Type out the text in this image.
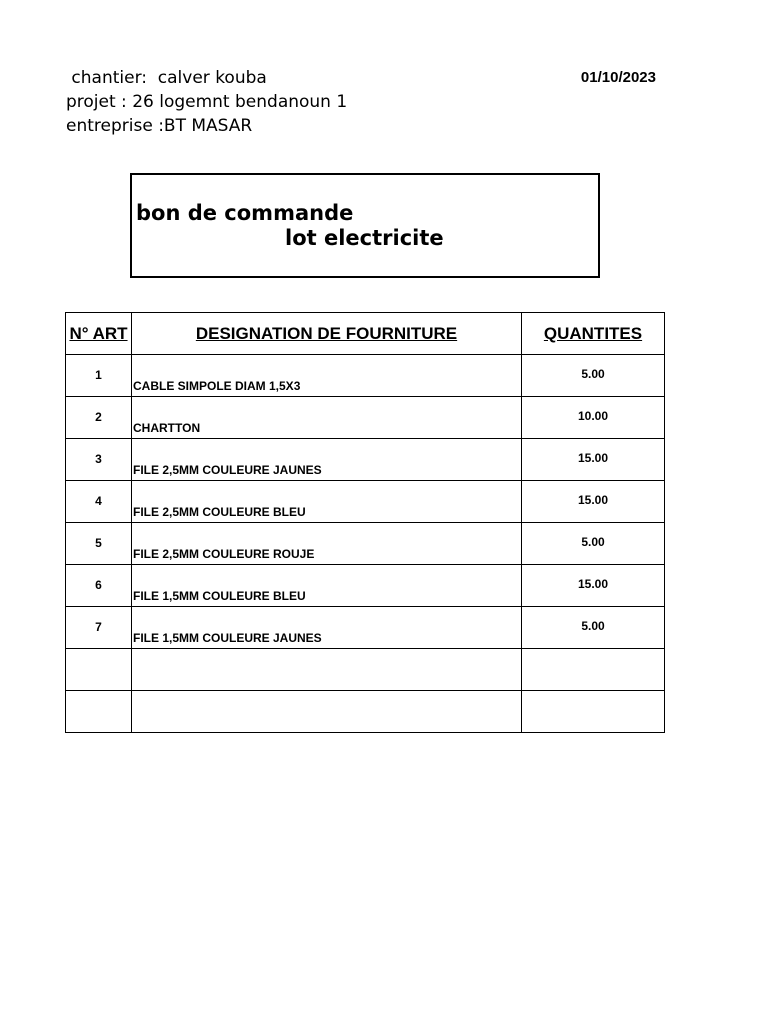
chantier:  calver kouba
projet : 26 logemnt bendanoun 1
entreprise :BT MASAR
01/10/2023
bon de commande
lot electricite
N° ART	DESIGNATION DE FOURNITURE	QUANTITES

1	CABLE SIMPOLE DIAM 1,5X3	5.00

2	CHARTTON	10.00

3	FILE 2,5MM COULEURE JAUNES	15.00

4	FILE 2,5MM COULEURE BLEU	15.00

5	FILE 2,5MM COULEURE ROUJE	5.00

6	FILE 1,5MM COULEURE BLEU	15.00

7	FILE 1,5MM COULEURE JAUNES	5.00
